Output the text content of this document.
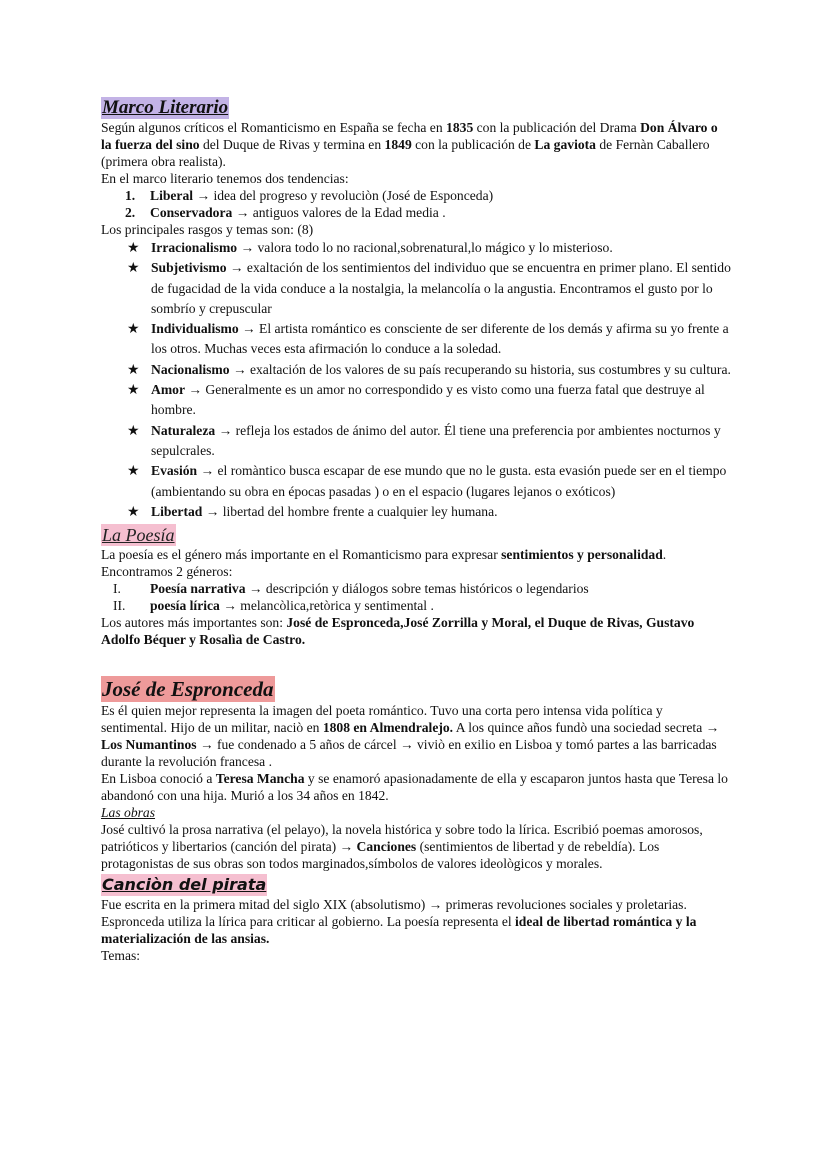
Marco Literario

Según algunos críticos el Romanticismo en España se fecha en 1835 con la publicación del Drama Don Álvaro o la fuerza del sino del Duque de Rivas y termina en 1849 con la publicación de La gaviota de Fernàn Caballero (primera obra realista).

En el marco literario tenemos dos tendencias:

1. Liberal → idea del progreso y revoluciòn (José de Esponceda)
2. Conservadora → antiguos valores de la Edad media .

Los principales rasgos y temas son: (8)

★ Irracionalismo → valora todo lo no racional,sobrenatural,lo mágico y lo misterioso.
★ Subjetivismo → exaltación de los sentimientos del individuo que se encuentra en primer plano. El sentido de fugacidad de la vida conduce a la nostalgia, la melancolía o la angustia. Encontramos el gusto por lo sombrío y crepuscular
★ Individualismo → El artista romántico es consciente de ser diferente de los demás y afirma su yo frente a los otros. Muchas veces esta afirmación lo conduce a la soledad.
★ Nacionalismo → exaltación de los valores de su país recuperando su historia, sus costumbres y su cultura.
★ Amor → Generalmente es un amor no correspondido y es visto como una fuerza fatal que destruye al hombre.
★ Naturaleza → refleja los estados de ánimo del autor. Él tiene una preferencia por ambientes nocturnos y sepulcrales.
★ Evasión → el romàntico busca escapar de ese mundo que no le gusta. esta evasión puede ser en el tiempo (ambientando su obra en épocas pasadas ) o en el espacio (lugares lejanos o exóticos)
★ Libertad → libertad del hombre frente a cualquier ley humana.
La Poesía

La poesía es el género más importante en el Romanticismo para expresar sentimientos y personalidad. Encontramos 2 géneros:

I. Poesía narrativa → descripción y diálogos sobre temas históricos o legendarios
II. poesía lírica → melancòlica,retòrica y sentimental .

Los autores más importantes son: José de Espronceda,José Zorrilla y Moral, el Duque de Rivas, Gustavo Adolfo Béquer y Rosalìa de Castro.

José de Espronceda

Es él quien mejor representa la imagen del poeta romántico. Tuvo una corta pero intensa vida política y sentimental. Hijo de un militar, naciò en 1808 en Almendralejo. A los quince años fundò una sociedad secreta → Los Numantinos → fue condenado a 5 años de cárcel → viviò en exilio en Lisboa y tomó partes a las barricadas durante la revolución francesa .

En Lisboa conoció a Teresa Mancha y se enamoró apasionadamente de ella y escaparon juntos hasta que Teresa lo abandonó con una hija. Murió a los 34 años en 1842.

Las obras

José cultivó la prosa narrativa (el pelayo), la novela histórica y sobre todo la lírica. Escribió poemas amorosos, patrióticos y libertarios (canción del pirata) → Canciones (sentimientos de libertad y de rebeldía). Los protagonistas de sus obras son todos marginados,símbolos de valores ideològicos y morales.

Canciòn del pirata

Fue escrita en la primera mitad del siglo XIX (absolutismo) → primeras revoluciones sociales y proletarias. Espronceda utiliza la lírica para criticar al gobierno. La poesía representa el ideal de libertad romántica y la materialización de las ansias.

Temas:
